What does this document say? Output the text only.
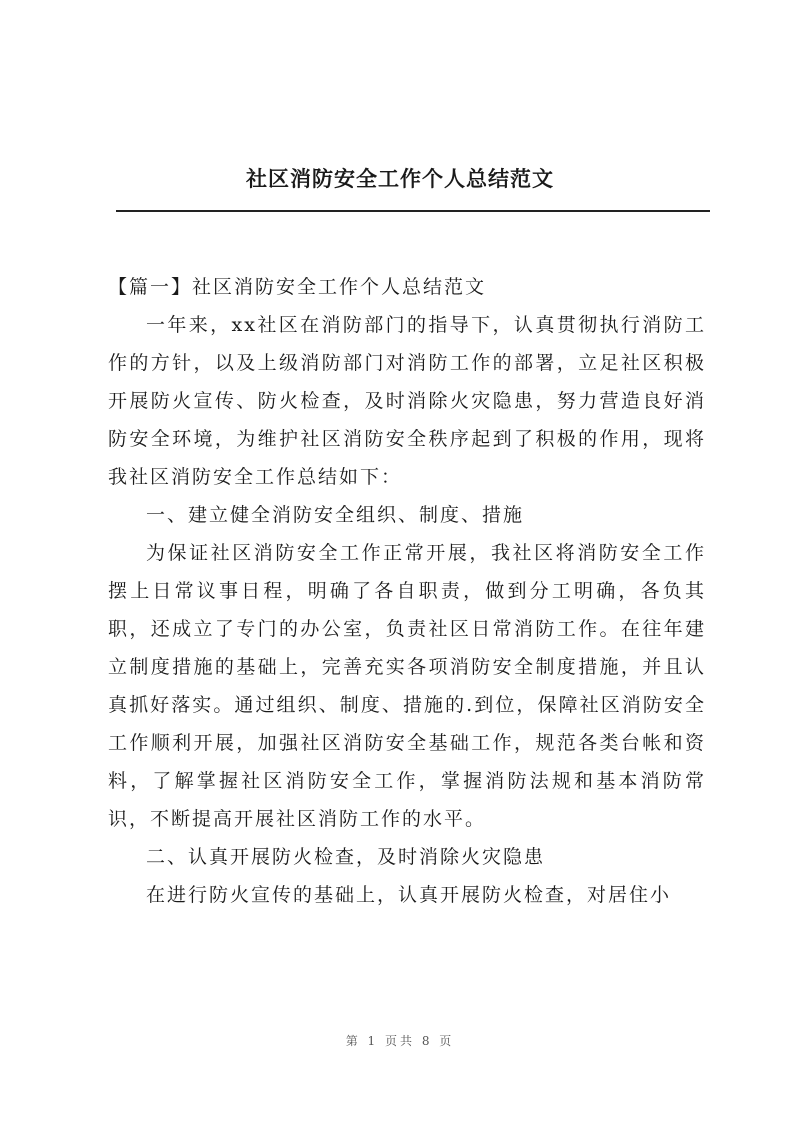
社区消防安全工作个人总结范文

【篇一】社区消防安全工作个人总结范文

一年来，xx社区在消防部门的指导下，认真贯彻执行消防工作的方针，以及上级消防部门对消防工作的部署，立足社区积极开展防火宣传、防火检查，及时消除火灾隐患，努力营造良好消防安全环境，为维护社区消防安全秩序起到了积极的作用，现将我社区消防安全工作总结如下：

一、建立健全消防安全组织、制度、措施

为保证社区消防安全工作正常开展，我社区将消防安全工作摆上日常议事日程，明确了各自职责，做到分工明确，各负其职，还成立了专门的办公室，负责社区日常消防工作。在往年建立制度措施的基础上，完善充实各项消防安全制度措施，并且认真抓好落实。通过组织、制度、措施的.到位，保障社区消防安全工作顺利开展，加强社区消防安全基础工作，规范各类台帐和资料，了解掌握社区消防安全工作，掌握消防法规和基本消防常识，不断提高开展社区消防工作的水平。

二、认真开展防火检查，及时消除火灾隐患

在进行防火宣传的基础上，认真开展防火检查，对居住小

第 1 页共 8 页
